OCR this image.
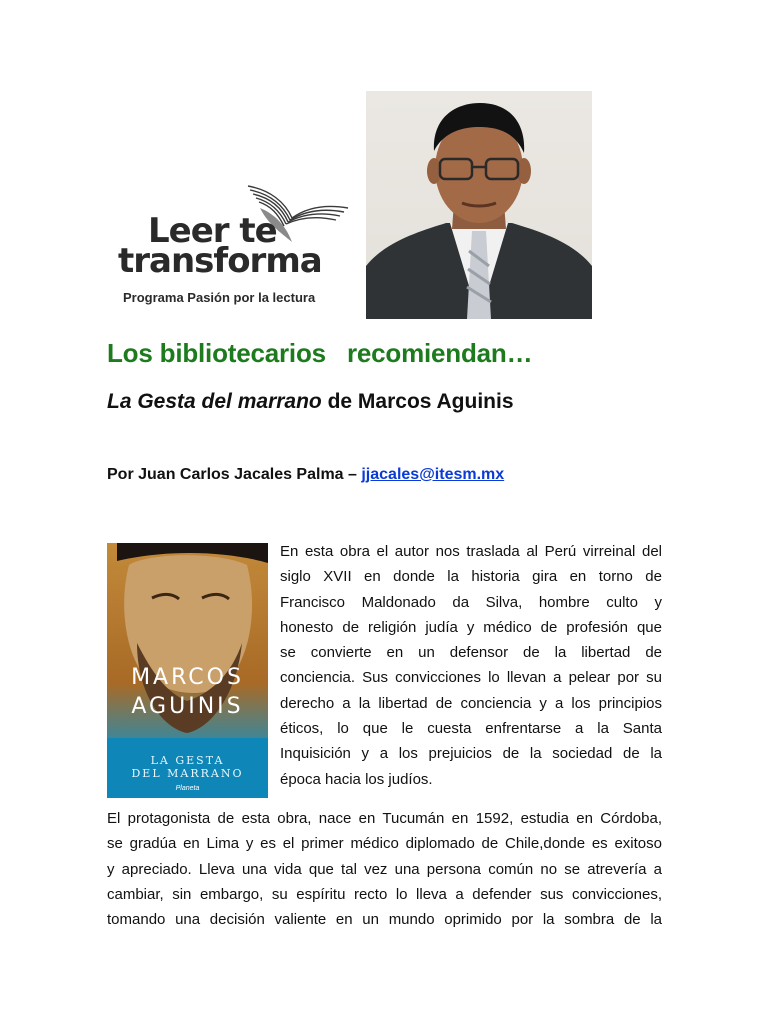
Leer te
transforma
Programa Pasión por la lectura
Los bibliotecarios   recomiendan…
La Gesta del marrano de Marcos Aguinis

Por Juan Carlos Jacales Palma – jjacales@itesm.mx

MARCOS
AGUINIS
LA GESTA
DEL MARRANO
Planeta

En esta obra el autor nos traslada al Perú virreinal del
siglo XVII en donde la historia gira en torno de
Francisco Maldonado da Silva, hombre culto y
honesto de religión judía y médico de profesión que
se convierte en un defensor de la libertad de
conciencia. Sus convicciones lo llevan a pelear por su
derecho a la libertad de conciencia y a los principios
éticos, lo que le cuesta enfrentarse a la Santa
Inquisición y a los prejuicios de la sociedad de la
época hacia los judíos.

El protagonista de esta obra, nace en Tucumán en 1592, estudia en Córdoba,
se gradúa en Lima y es el primer médico diplomado de Chile,donde es exitoso
y apreciado. Lleva una vida que tal vez una persona común no se atrevería a
cambiar, sin embargo, su espíritu recto lo lleva a defender sus convicciones,
tomando una decisión valiente en un mundo oprimido por la sombra de la
